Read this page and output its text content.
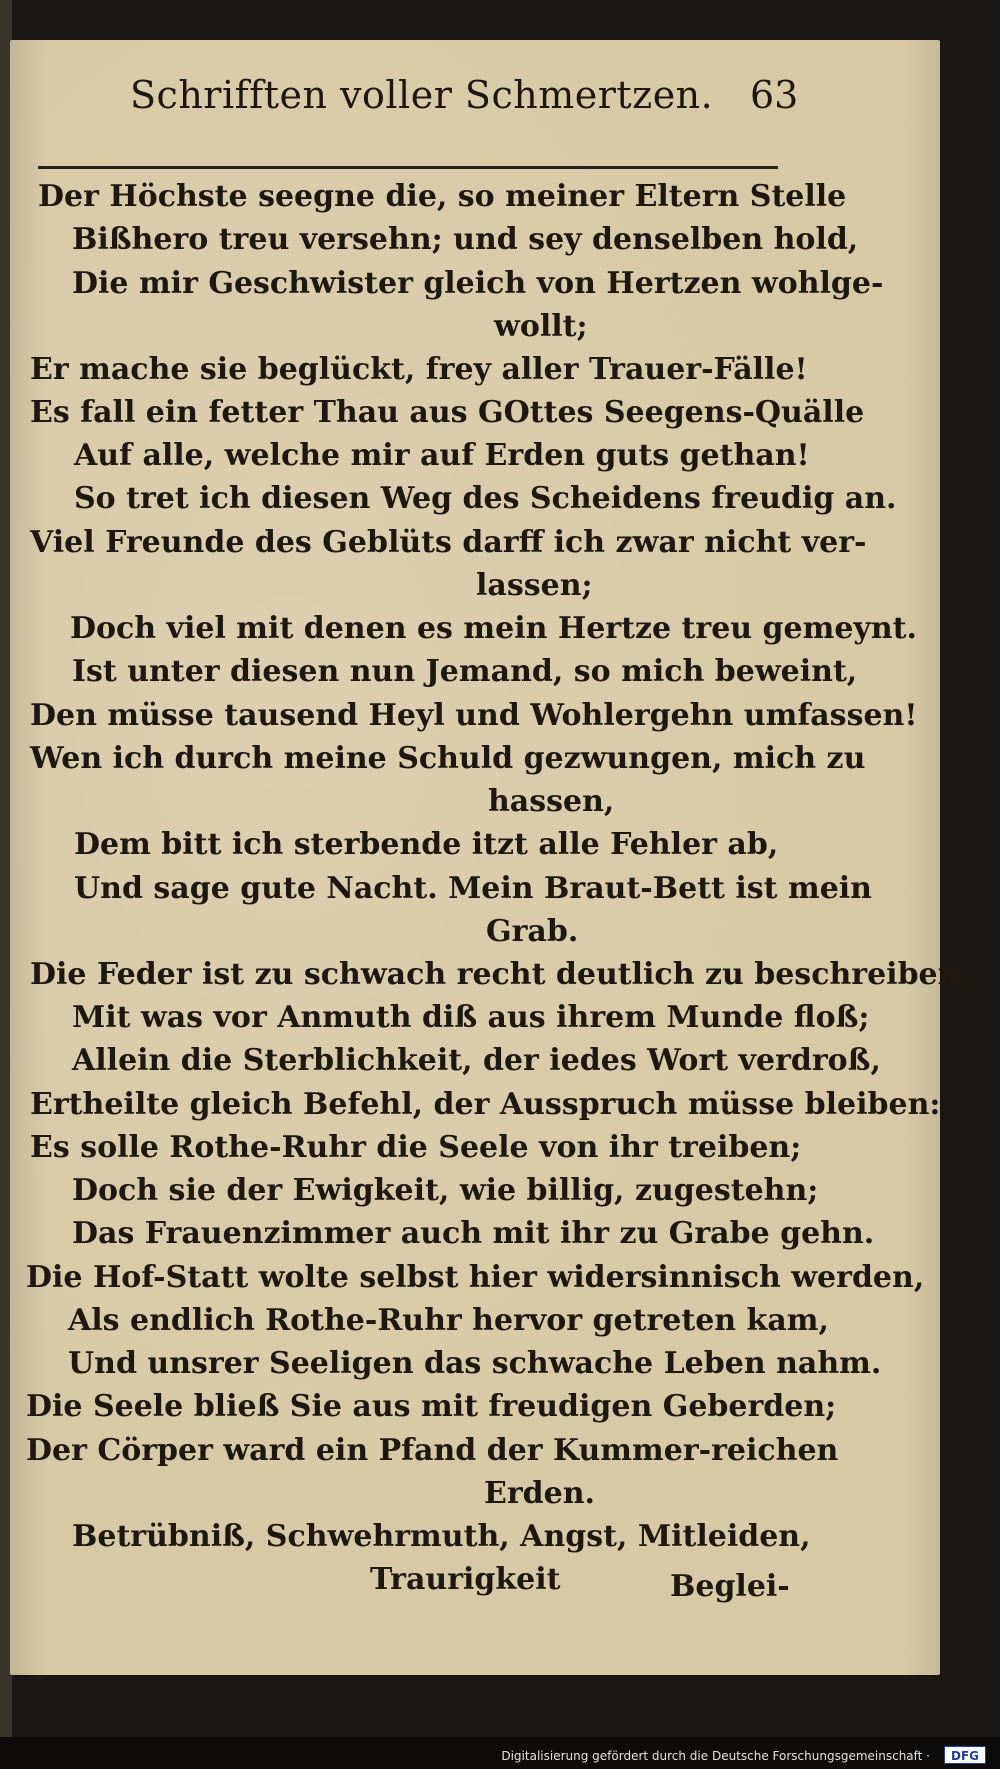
Schrifften voller Schmertzen. 63
Der Höchste seegne die, so meiner Eltern Stelle
Bißhero treu versehn; und sey denselben hold,
Die mir Geschwister gleich von Hertzen wohlge-
wollt;
Er mache sie beglückt, frey aller Trauer-Fälle!
Es fall ein fetter Thau aus GOttes Seegens-Quälle
Auf alle, welche mir auf Erden guts gethan!
So tret ich diesen Weg des Scheidens freudig an.
Viel Freunde des Geblüts darff ich zwar nicht ver-
lassen;
Doch viel mit denen es mein Hertze treu gemeynt.
Ist unter diesen nun Jemand, so mich beweint,
Den müsse tausend Heyl und Wohlergehn umfassen!
Wen ich durch meine Schuld gezwungen, mich zu
hassen,
Dem bitt ich sterbende itzt alle Fehler ab,
Und sage gute Nacht. Mein Braut-Bett ist mein
Grab.
Die Feder ist zu schwach recht deutlich zu beschreiben,
Mit was vor Anmuth diß aus ihrem Munde floß;
Allein die Sterblichkeit, der iedes Wort verdroß,
Ertheilte gleich Befehl, der Ausspruch müsse bleiben:
Es solle Rothe-Ruhr die Seele von ihr treiben;
Doch sie der Ewigkeit, wie billig, zugestehn;
Das Frauenzimmer auch mit ihr zu Grabe gehn.
Die Hof-Statt wolte selbst hier widersinnisch werden,
Als endlich Rothe-Ruhr hervor getreten kam,
Und unsrer Seeligen das schwache Leben nahm.
Die Seele bließ Sie aus mit freudigen Geberden;
Der Cörper ward ein Pfand der Kummer-reichen
Erden.
Betrübniß, Schwehrmuth, Angst, Mitleiden,
Traurigkeit	Beglei-
Digitalisierung gefördert durch die Deutsche Forschungsgemeinschaft ·	DFG
